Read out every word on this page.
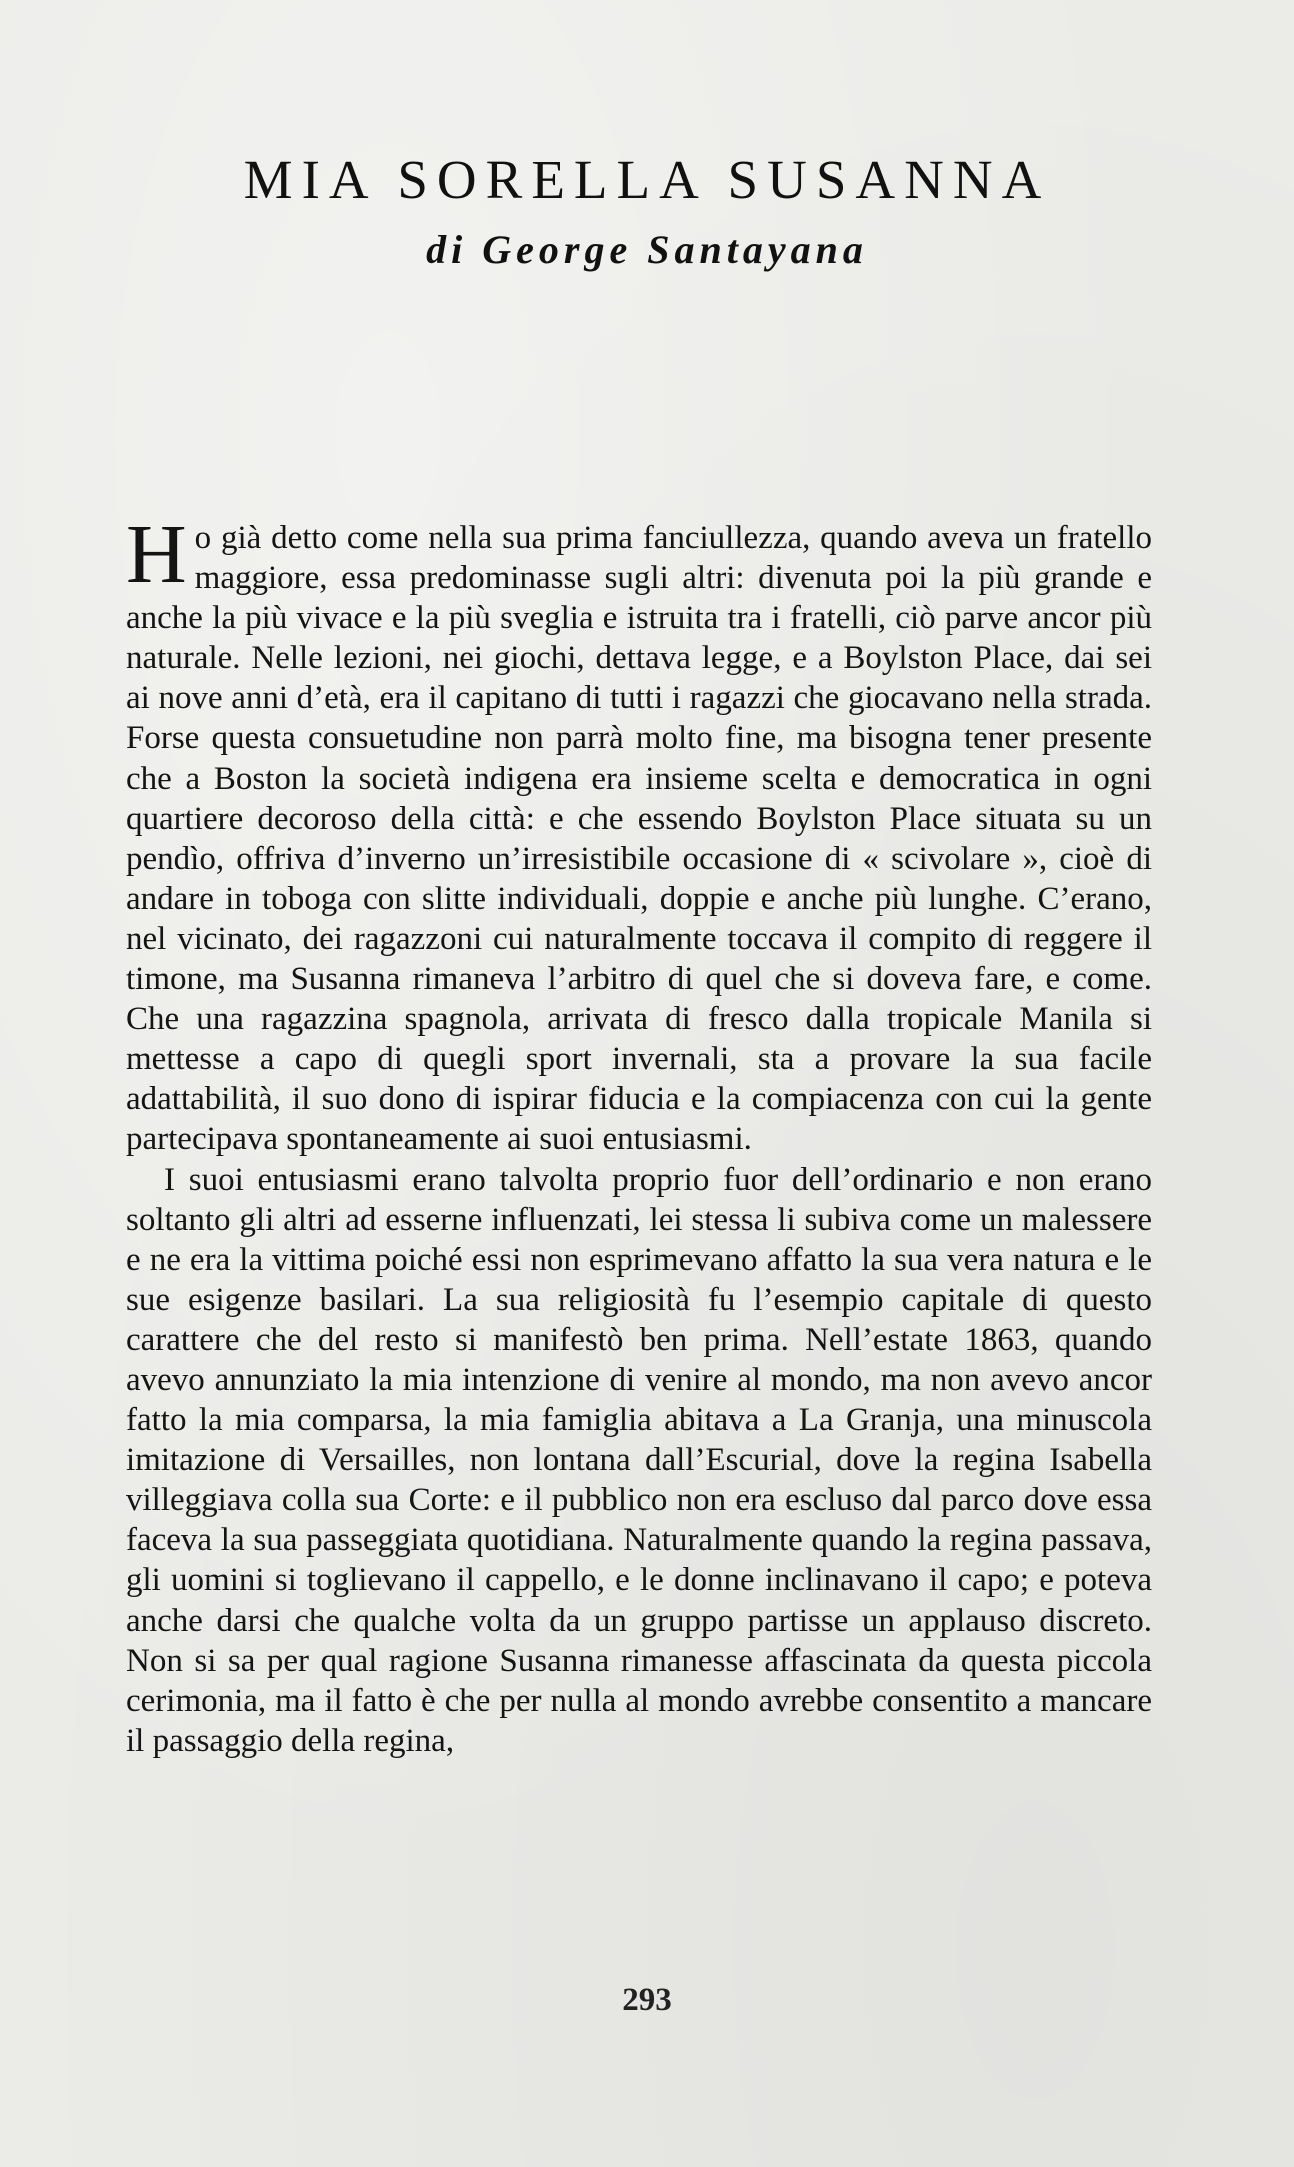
MIA SORELLA SUSANNA
di George Santayana

Ho già detto come nella sua prima fanciullezza, quando aveva un fratello maggiore, essa predominasse sugli altri: divenuta poi la più grande e anche la più vivace e la più sveglia e istruita tra i fratelli, ciò parve ancor più naturale. Nelle lezioni, nei giochi, dettava legge, e a Boylston Place, dai sei ai nove anni d’età, era il capitano di tutti i ragazzi che giocavano nella strada. Forse questa consuetudine non parrà molto fine, ma bisogna tener presente che a Boston la società indigena era insieme scelta e democratica in ogni quartiere decoroso della città: e che essendo Boylston Place situata su un pendìo, offriva d’inverno un’irresistibile occasione di « scivolare », cioè di andare in toboga con slitte individuali, doppie e anche più lunghe. C’erano, nel vicinato, dei ragazzoni cui naturalmente toccava il compito di reggere il timone, ma Susanna rimaneva l’arbitro di quel che si doveva fare, e come. Che una ragazzina spagnola, arrivata di fresco dalla tropicale Manila si mettesse a capo di quegli sport invernali, sta a provare la sua facile adattabilità, il suo dono di ispirar fiducia e la compiacenza con cui la gente partecipava spontaneamente ai suoi entusiasmi.

I suoi entusiasmi erano talvolta proprio fuor dell’ordinario e non erano soltanto gli altri ad esserne influenzati, lei stessa li subiva come un malessere e ne era la vittima poiché essi non esprimevano affatto la sua vera natura e le sue esigenze basilari. La sua religiosità fu l’esempio capitale di questo carattere che del resto si manifestò ben prima. Nell’estate 1863, quando avevo annunziato la mia intenzione di venire al mondo, ma non avevo ancor fatto la mia comparsa, la mia famiglia abitava a La Granja, una minuscola imitazione di Versailles, non lontana dall’Escurial, dove la regina Isabella villeggiava colla sua Corte: e il pubblico non era escluso dal parco dove essa faceva la sua passeggiata quotidiana. Naturalmente quando la regina passava, gli uomini si toglievano il cappello, e le donne inclinavano il capo; e poteva anche darsi che qualche volta da un gruppo partisse un applauso discreto. Non si sa per qual ragione Susanna rimanesse affascinata da questa piccola cerimonia, ma il fatto è che per nulla al mondo avrebbe consentito a mancare il passaggio della regina,

293
